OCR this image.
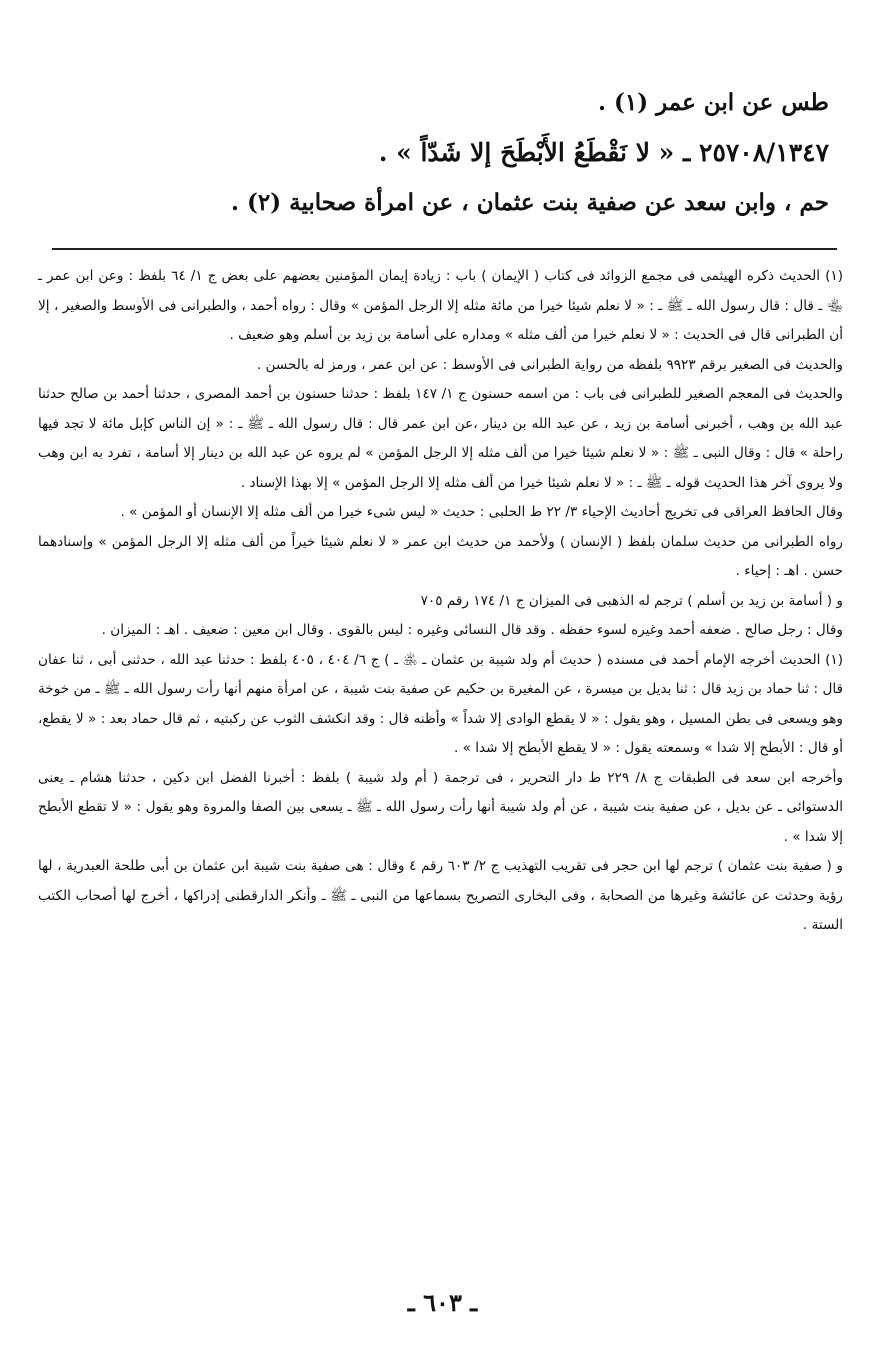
طس عن ابن عمر (١) .

٢٥٧٠٨/١٣٤٧ ـ « لا نَقْطَعُ الأَبْطَحَ إلا شَدّاً » .

حم ، وابن سعد عن صفية بنت عثمان ، عن امرأة صحابية (٢) .

(١) الحديث ذكره الهيثمى فى مجمع الزوائد فى كتاب ( الإيمان ) باب : زيادة إيمان المؤمنين بعضهم على بعض ج ١/ ٦٤ بلفظ : وعن ابن عمر ـ ﵄ ـ قال : قال رسول الله ـ ﷺ ـ : « لا نعلم شيئا خيرا من مائة مثله إلا الرجل المؤمن » وقال : رواه أحمد ، والطبرانى فى الأوسط والصغير ، إلا أن الطبرانى قال فى الحديث : « لا نعلم خيرا من ألف مثله » ومداره على أسامة بن زيد بن أسلم وهو ضعيف .

والحديث فى الصغير برقم ٩٩٢٣ بلفظه من رواية الطبرانى فى الأوسط : عن ابن عمر ، ورمز له بالحسن .

والحديث فى المعجم الصغير للطبرانى فى باب : من اسمه حسنون ج ١/ ١٤٧ بلفظ : حدثنا حسنون بن أحمد المصرى ، حدثنا أحمد بن صالح حدثنا عبد الله بن وهب ، أخبرنى أسامة بن زيد ، عن عبد الله بن دينار ،عن ابن عمر قال : قال رسول الله ـ ﷺ ـ : « إن الناس كإبل مائة لا تجد فيها راحلة » قال : وقال النبى ـ ﷺ : « لا نعلم شيئا خيرا من ألف مثله إلا الرجل المؤمن » لم يروه عن عبد الله بن دينار إلا أسامة ، تفرد به ابن وهب ولا يروى آخر هذا الحديث قوله ـ ﷺ ـ : « لا نعلم شيئا خيرا من ألف مثله إلا الرجل المؤمن » إلا بهذا الإسناد .

وقال الحافظ العراقى فى تخريج أحاديث الإحياء ٣/ ٢٢ ط الحلبى : حديث « ليس شىء خيرا من ألف مثله إلا الإنسان أو المؤمن » .

رواه الطبرانى من حديث سلمان بلفظ ( الإنسان ) ولأحمد من حديث ابن عمر « لا نعلم شيئا خيراً من ألف مثله إلا الرجل المؤمن » وإسنادهما حسن . اهـ : إحياء .

و ( أسامة بن زيد بن أسلم ) ترجم له الذهبى فى الميزان ج ١/ ١٧٤ رقم ٧٠٥

وقال : رجل صالح . ضعفه أحمد وغيره لسوء حفظه . وقد قال النسائى وغيره : ليس بالقوى . وقال ابن معين : ضعيف . اهـ : الميزان .

(١) الحديث أخرجه الإمام أحمد فى مسنده ( حديث أم ولد شيبة بن عثمان ـ ﵁ ـ ) ج ٦/ ٤٠٤ ، ٤٠٥ بلفظ : حدثنا عبد الله ، حدثنى أبى ، ثنا عفان قال : ثنا حماد بن زيد قال : ثنا بديل بن ميسرة ، عن المغيرة بن حكيم عن صفية بنت شيبة ، عن امرأة منهم أنها رأت رسول الله ـ ﷺ ـ من خوخة وهو ويسعى فى بطن المسيل ، وهو يقول : « لا يقطع الوادى إلا شداً » وأظنه قال : وقد انكشف الثوب عن ركبتيه ، ثم قال حماد بعد : « لا يقطع، أو قال : الأبطح إلا شدا » وسمعته يقول : « لا يقطع الأبطح إلا شدا » .

وأخرجه ابن سعد فى الطبقات ج ٨/ ٢٢٩ ط دار التحرير ، فى ترجمة ( أم ولد شيبة ) بلفظ : أخبرنا الفضل ابن دكين ، حدثنا هشام ـ يعنى الدستوائى ـ عن بديل ، عن صفية بنت شيبة ، عن أم ولد شيبة أنها رأت رسول الله ـ ﷺ ـ يسعى بين الصفا والمروة وهو يقول : « لا تقطع الأبطح إلا شدا » .

و ( صفية بنت عثمان ) ترجم لها ابن حجر فى تقريب التهذيب ج ٢/ ٦٠٣ رقم ٤ وقال : هى صفية بنت شيبة ابن عثمان بن أبى طلحة العبدرية ، لها رؤية وحدثت عن عائشة وغيرها من الصحابة ، وفى البخارى التصريح بسماعها من النبى ـ ﷺ ـ وأنكر الدارقطنى إدراكها ، أخرج لها أصحاب الكتب الستة .

ـ ٦٠٣ ـ
